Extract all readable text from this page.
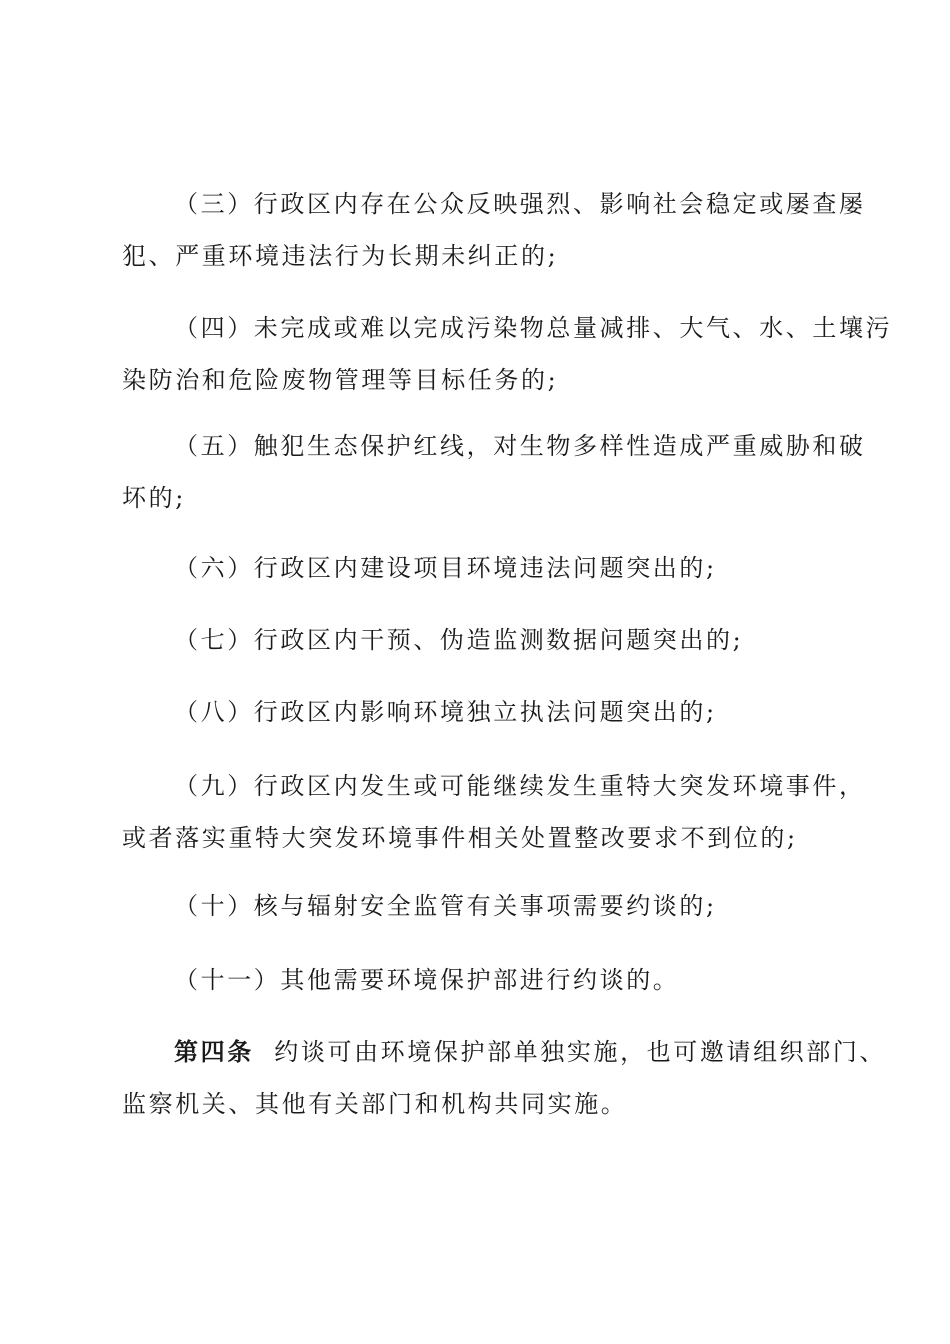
（三）行政区内存在公众反映强烈、影响社会稳定或屡查屡
犯、严重环境违法行为长期未纠正的;
（四）未完成或难以完成污染物总量减排、大气、水、土壤污
染防治和危险废物管理等目标任务的;
（五）触犯生态保护红线，对生物多样性造成严重威胁和破
坏的;
（六）行政区内建设项目环境违法问题突出的;
（七）行政区内干预、伪造监测数据问题突出的;
（八）行政区内影响环境独立执法问题突出的;
（九）行政区内发生或可能继续发生重特大突发环境事件，
或者落实重特大突发环境事件相关处置整改要求不到位的;
（十）核与辐射安全监管有关事项需要约谈的;
（十一）其他需要环境保护部进行约谈的。
第四条  约谈可由环境保护部单独实施，也可邀请组织部门、
监察机关、其他有关部门和机构共同实施。
